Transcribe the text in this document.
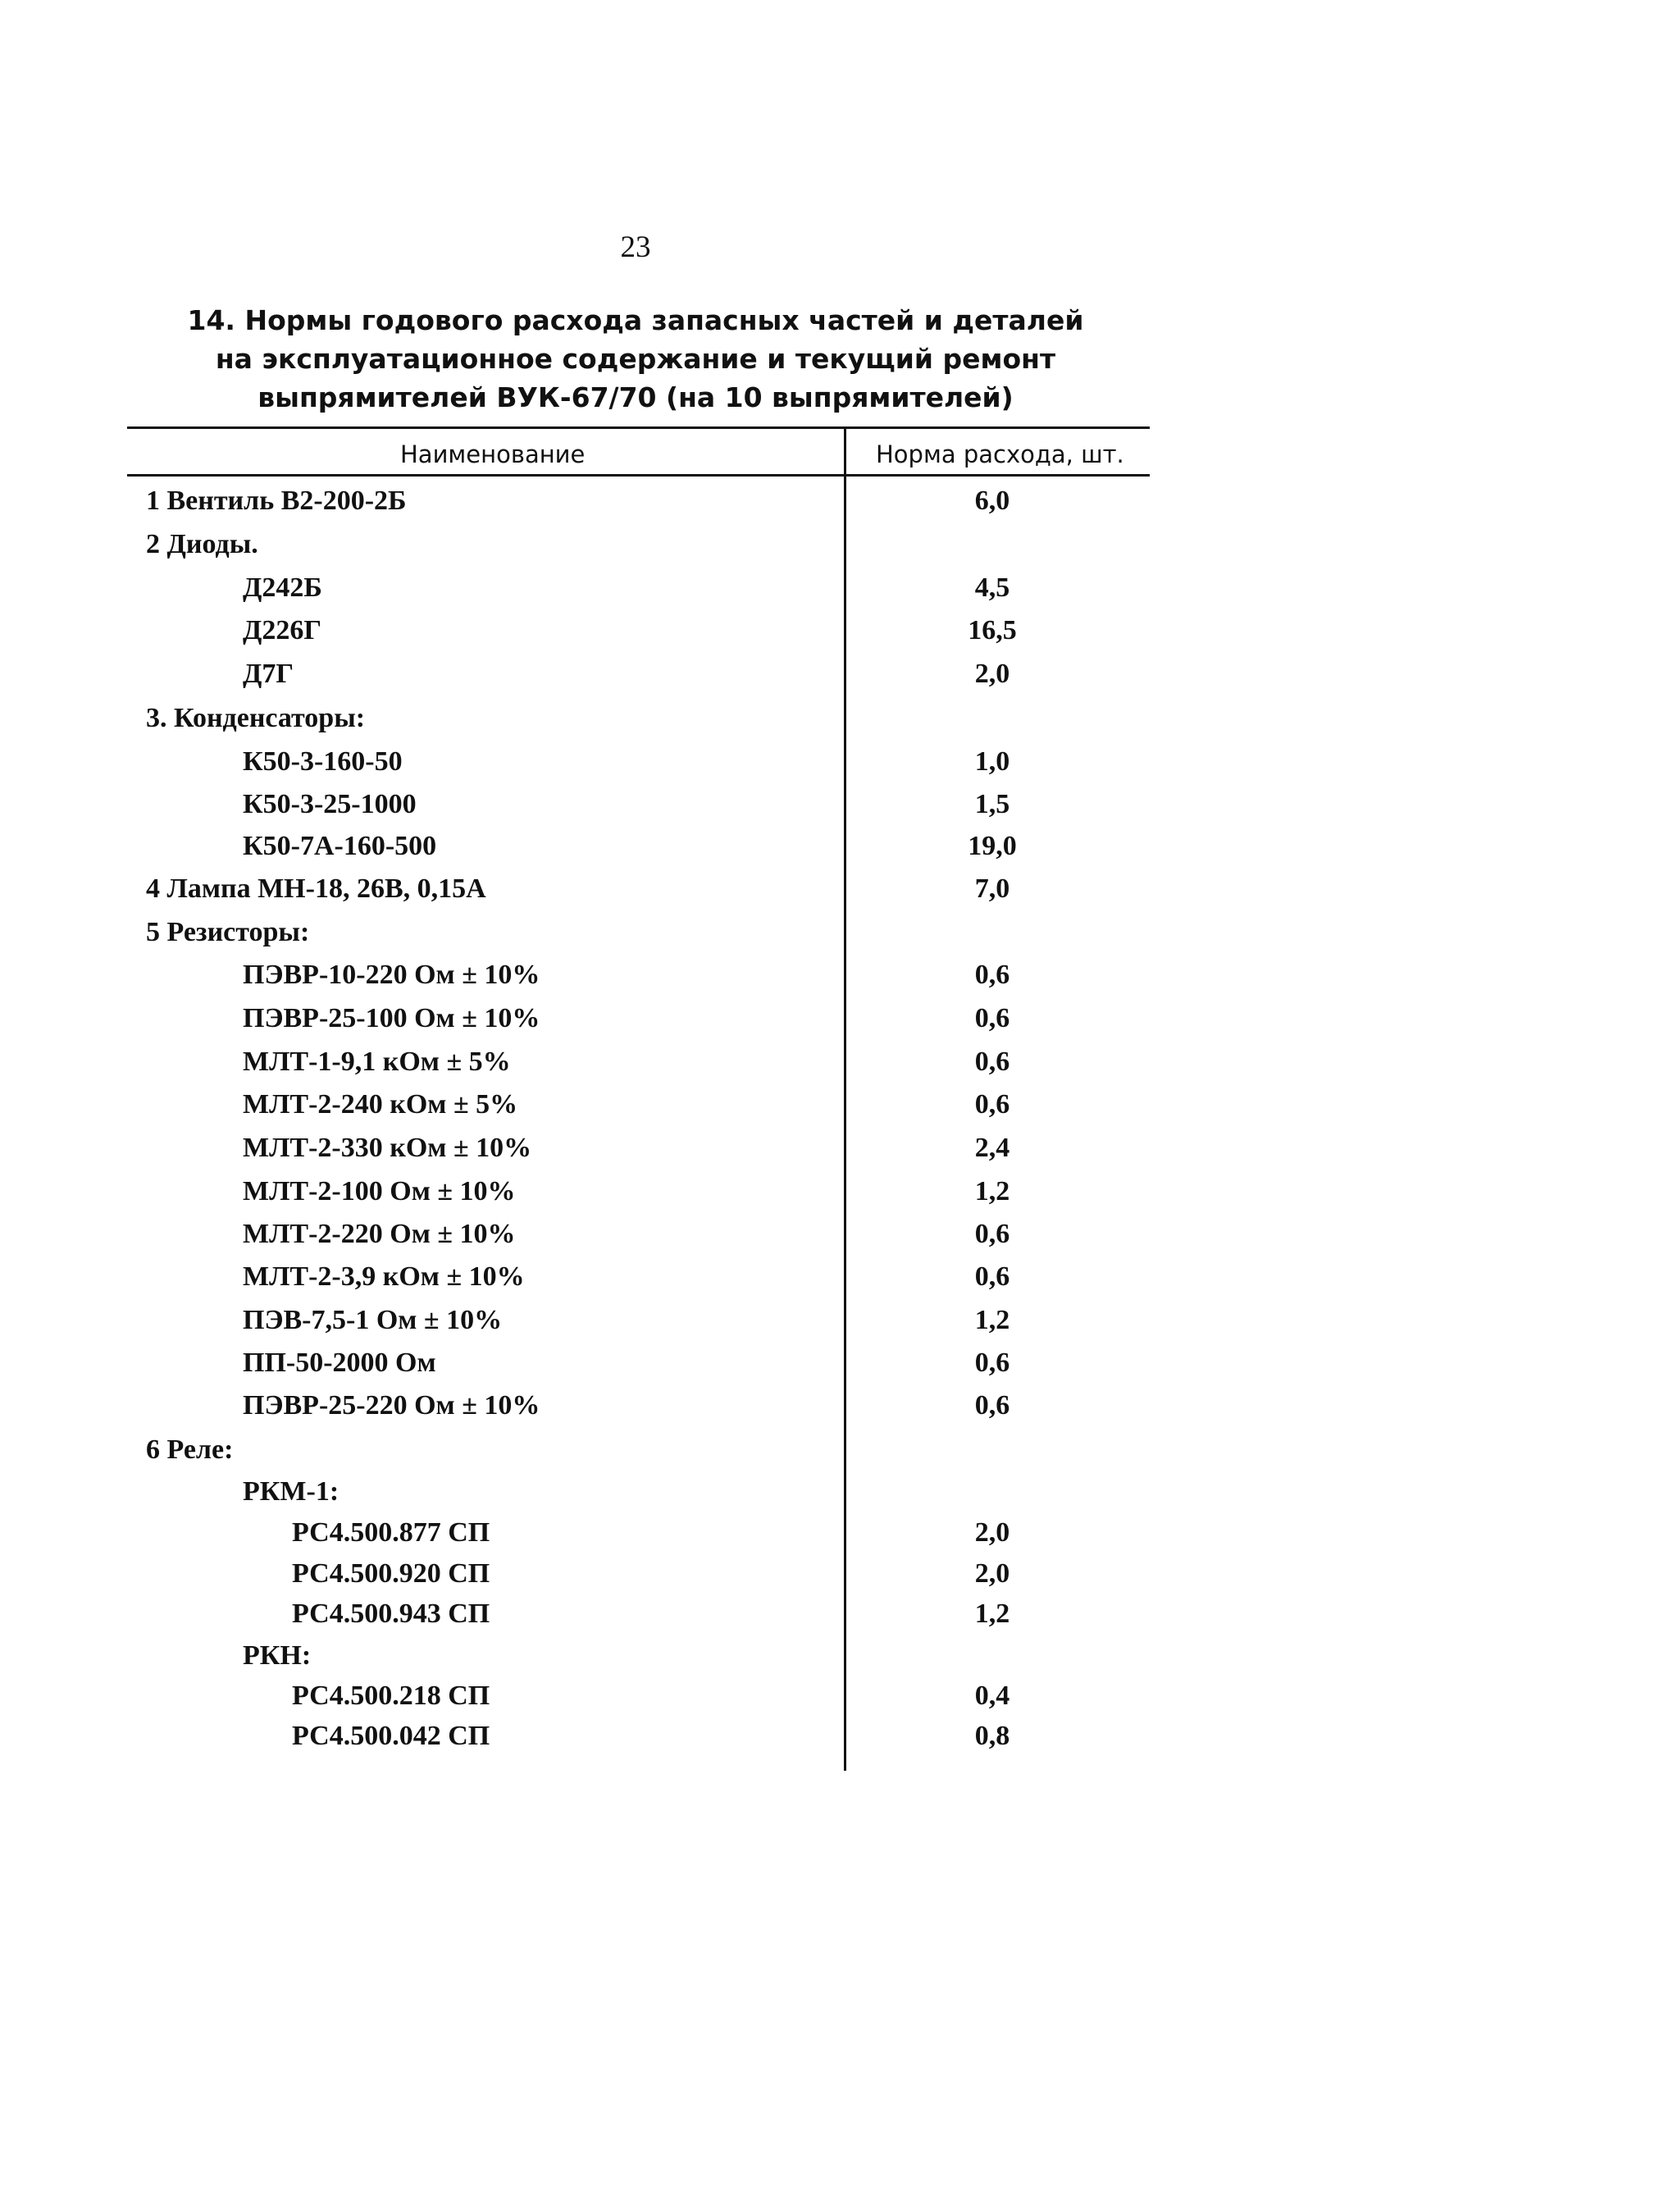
23
14. Нормы годового расхода запасных частей и деталей
на эксплуатационное содержание и текущий ремонт
выпрямителей ВУК-67/70 (на 10 выпрямителей)
Наименование	Норма расхода, шт.
1 Вентиль В2-200-2Б	6,0
2 Диоды.
Д242Б	4,5
Д226Г	16,5
Д7Г	2,0
3. Конденсаторы:
К50-3-160-50	1,0
К50-3-25-1000	1,5
К50-7А-160-500	19,0
4 Лампа МН-18, 26В, 0,15А	7,0
5 Резисторы:
ПЭВР-10-220 Ом ± 10%	0,6
ПЭВР-25-100 Ом ± 10%	0,6
МЛТ-1-9,1 кОм ± 5%	0,6
МЛТ-2-240 кОм ± 5%	0,6
МЛТ-2-330 кОм ± 10%	2,4
МЛТ-2-100 Ом ± 10%	1,2
МЛТ-2-220 Ом ± 10%	0,6
МЛТ-2-3,9 кОм ± 10%	0,6
ПЭВ-7,5-1 Ом ± 10%	1,2
ПП-50-2000 Ом	0,6
ПЭВР-25-220 Ом ± 10%	0,6
6 Реле:
РКМ-1:
РС4.500.877 СП	2,0
РС4.500.920 СП	2,0
РС4.500.943 СП	1,2
РКН:
РС4.500.218 СП	0,4
РС4.500.042 СП	0,8
